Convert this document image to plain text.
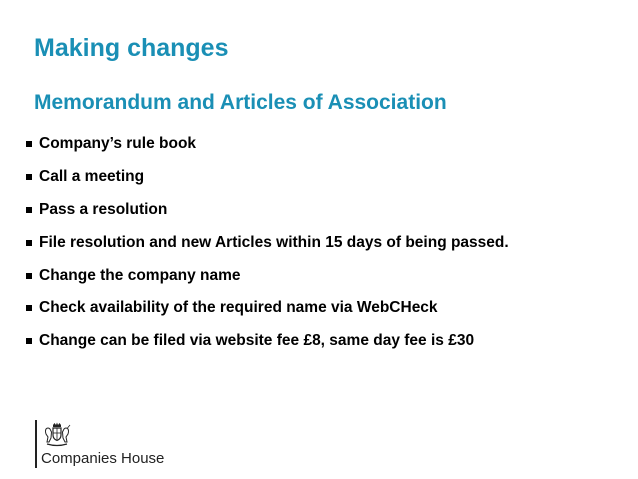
Making changes
Memorandum and Articles of Association
Company’s rule book
Call a meeting
Pass a resolution
File resolution and new Articles within 15 days of being passed.
Change the company name
Check availability of the required name via WebCHeck
Change can be filed via website fee £8, same day fee is £30
Companies House
